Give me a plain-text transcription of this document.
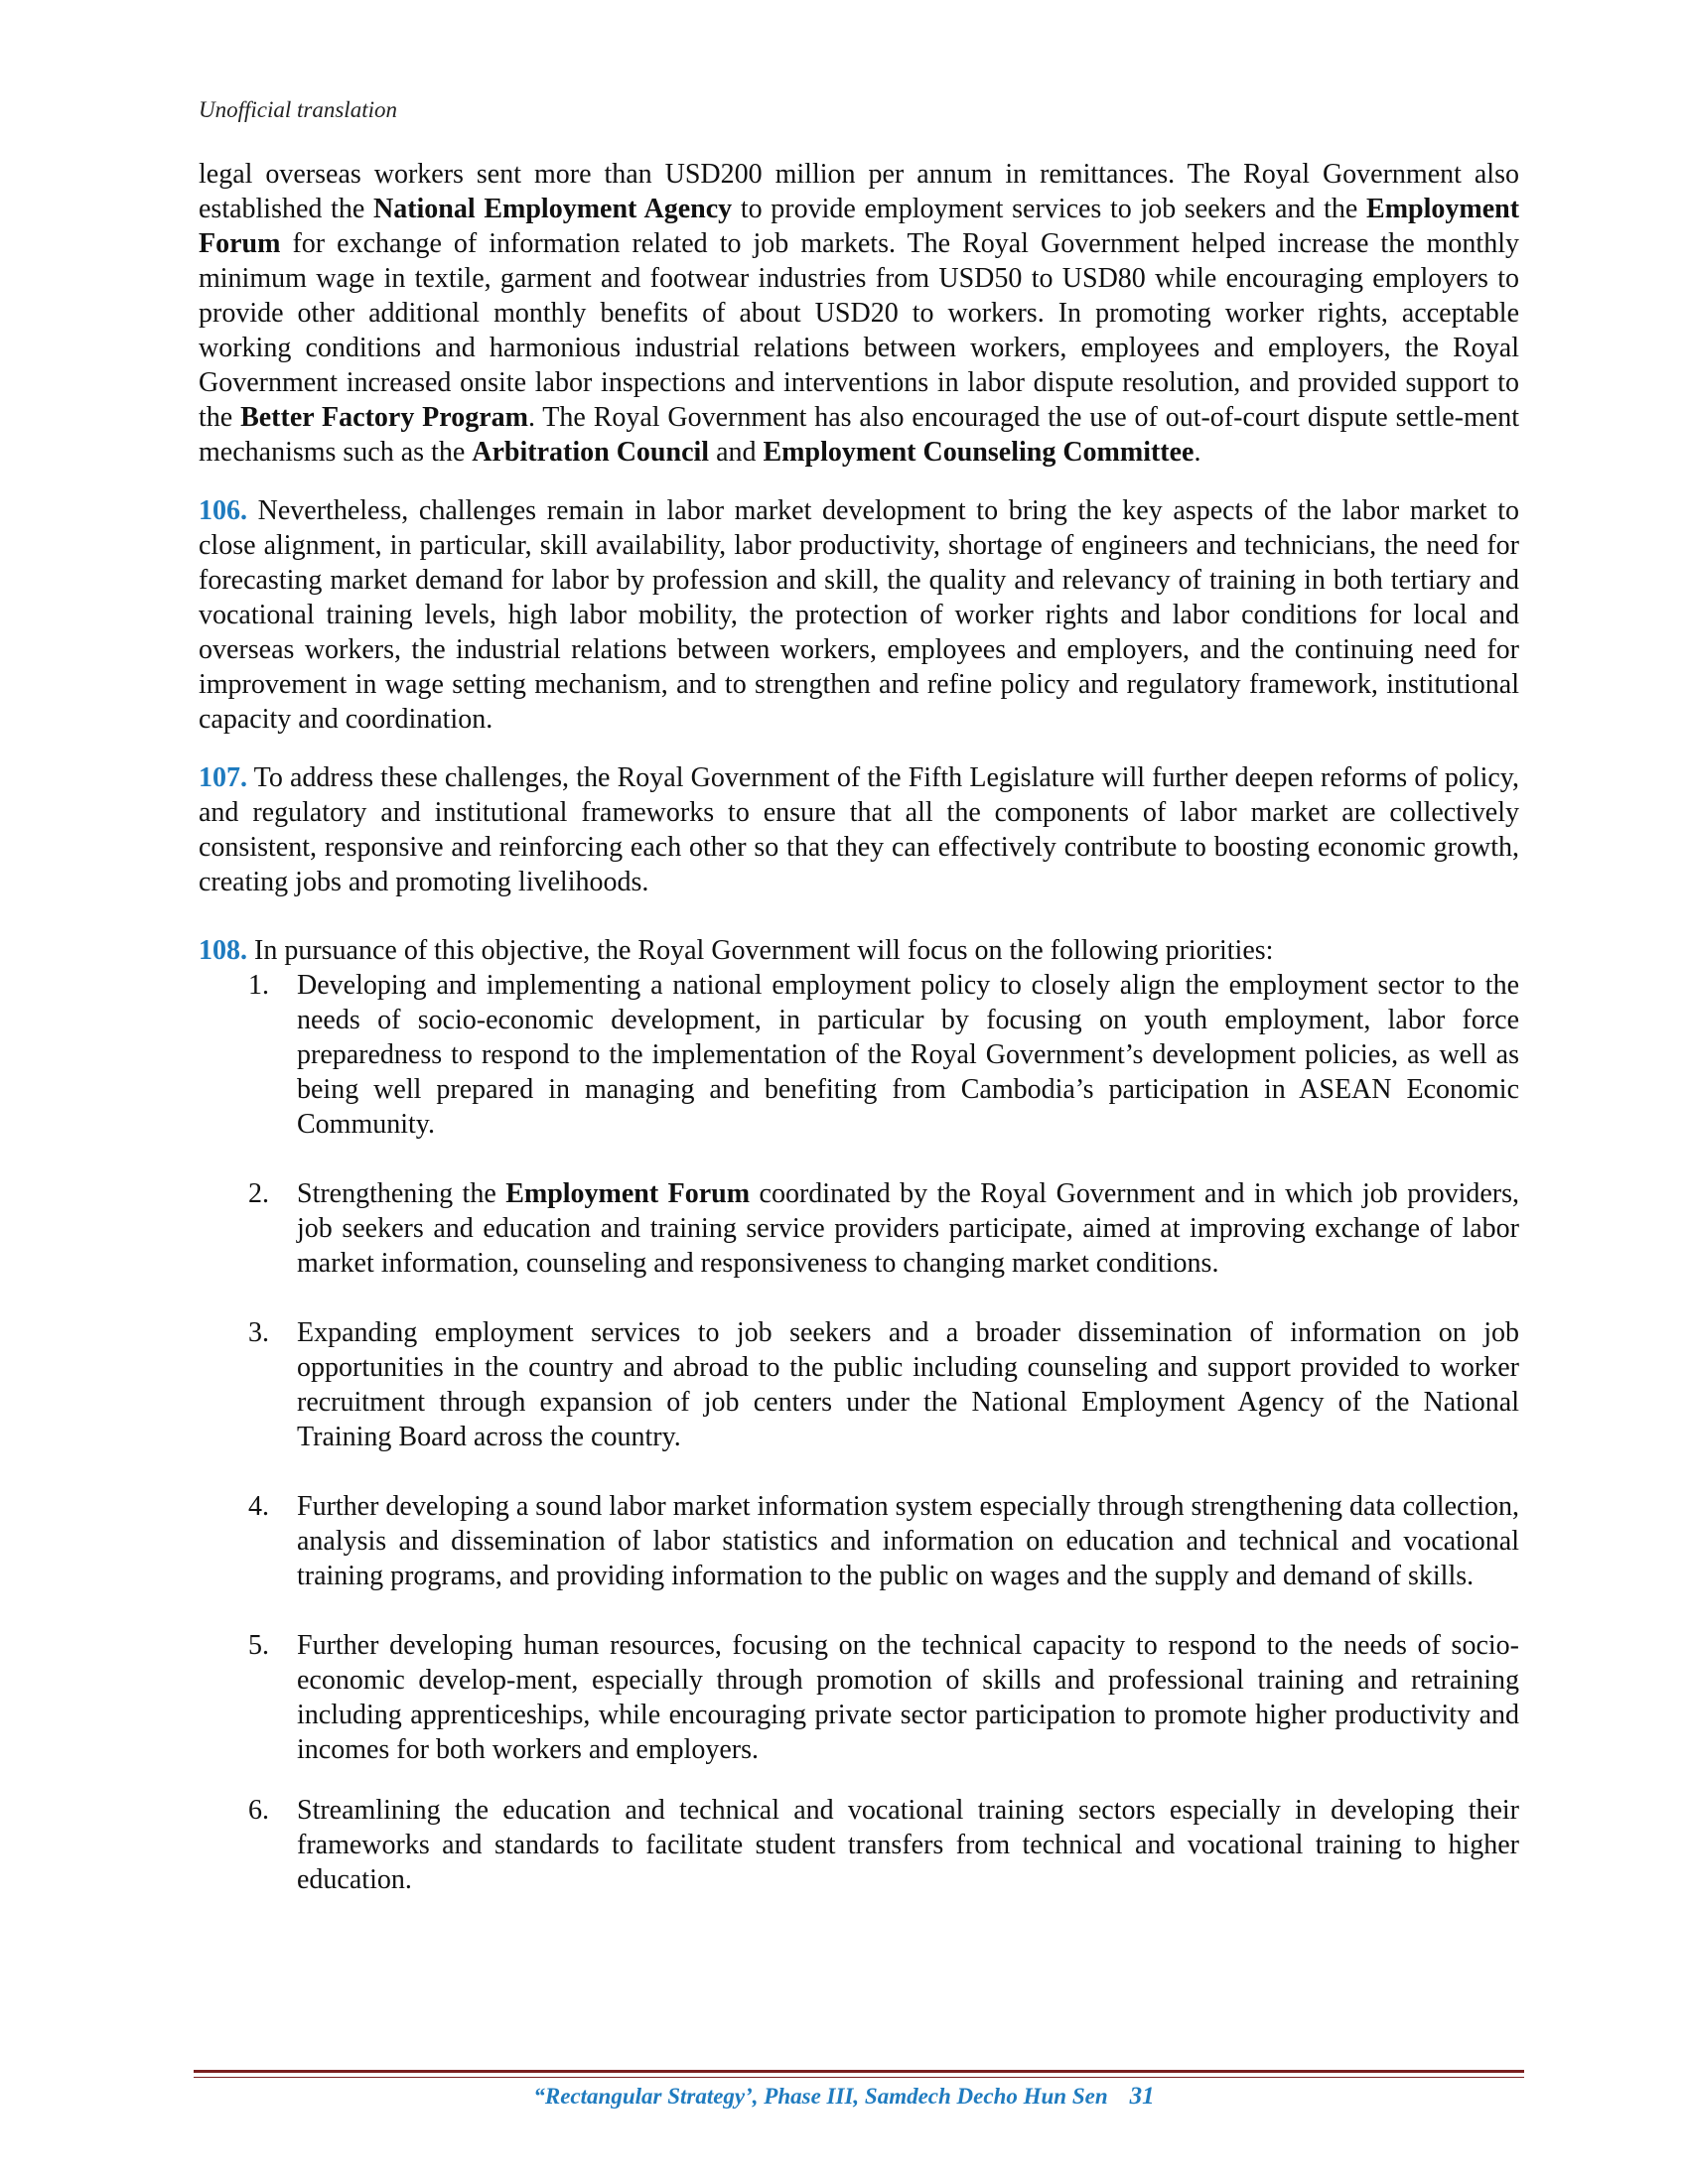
Unofficial translation

legal overseas workers sent more than USD200 million per annum in remittances. The Royal Government also established the National Employment Agency to provide employment services to job seekers and the Employment Forum for exchange of information related to job markets. The Royal Government helped increase the monthly minimum wage in textile, garment and footwear industries from USD50 to USD80 while encouraging employers to provide other additional monthly benefits of about USD20 to workers. In promoting worker rights, acceptable working conditions and harmonious industrial relations between workers, employees and employers, the Royal Government increased onsite labor inspections and interventions in labor dispute resolution, and provided support to the Better Factory Program. The Royal Government has also encouraged the use of out-of-court dispute settle-ment mechanisms such as the Arbitration Council and Employment Counseling Committee.

106. Nevertheless, challenges remain in labor market development to bring the key aspects of the labor market to close alignment, in particular, skill availability, labor productivity, shortage of engineers and technicians, the need for forecasting market demand for labor by profession and skill, the quality and relevancy of training in both tertiary and vocational training levels, high labor mobility, the protection of worker rights and labor conditions for local and overseas workers, the industrial relations between workers, employees and employers, and the continuing need for improvement in wage setting mechanism, and to strengthen and refine policy and regulatory framework, institutional capacity and coordination.

107. To address these challenges, the Royal Government of the Fifth Legislature will further deepen reforms of policy, and regulatory and institutional frameworks to ensure that all the components of labor market are collectively consistent, responsive and reinforcing each other so that they can effectively contribute to boosting economic growth, creating jobs and promoting livelihoods.

108. In pursuance of this objective, the Royal Government will focus on the following priorities:

1. Developing and implementing a national employment policy to closely align the employment sector to the needs of socio-economic development, in particular by focusing on youth employment, labor force preparedness to respond to the implementation of the Royal Government’s development policies, as well as being well prepared in managing and benefiting from Cambodia’s participation in ASEAN Economic Community.
2. Strengthening the Employment Forum coordinated by the Royal Government and in which job providers, job seekers and education and training service providers participate, aimed at improving exchange of labor market information, counseling and responsiveness to changing market conditions.
3. Expanding employment services to job seekers and a broader dissemination of information on job opportunities in the country and abroad to the public including counseling and support provided to worker recruitment through expansion of job centers under the National Employment Agency of the National Training Board across the country.
4. Further developing a sound labor market information system especially through strengthening data collection, analysis and dissemination of labor statistics and information on education and technical and vocational training programs, and providing information to the public on wages and the supply and demand of skills.
5. Further developing human resources, focusing on the technical capacity to respond to the needs of socio-economic develop-ment, especially through promotion of skills and professional training and retraining including apprenticeships, while encouraging private sector participation to promote higher productivity and incomes for both workers and employers.
6. Streamlining the education and technical and vocational training sectors especially in developing their frameworks and standards to facilitate student transfers from technical and vocational training to higher education.
“Rectangular Strategy’, Phase III, Samdech Decho Hun Sen 31
